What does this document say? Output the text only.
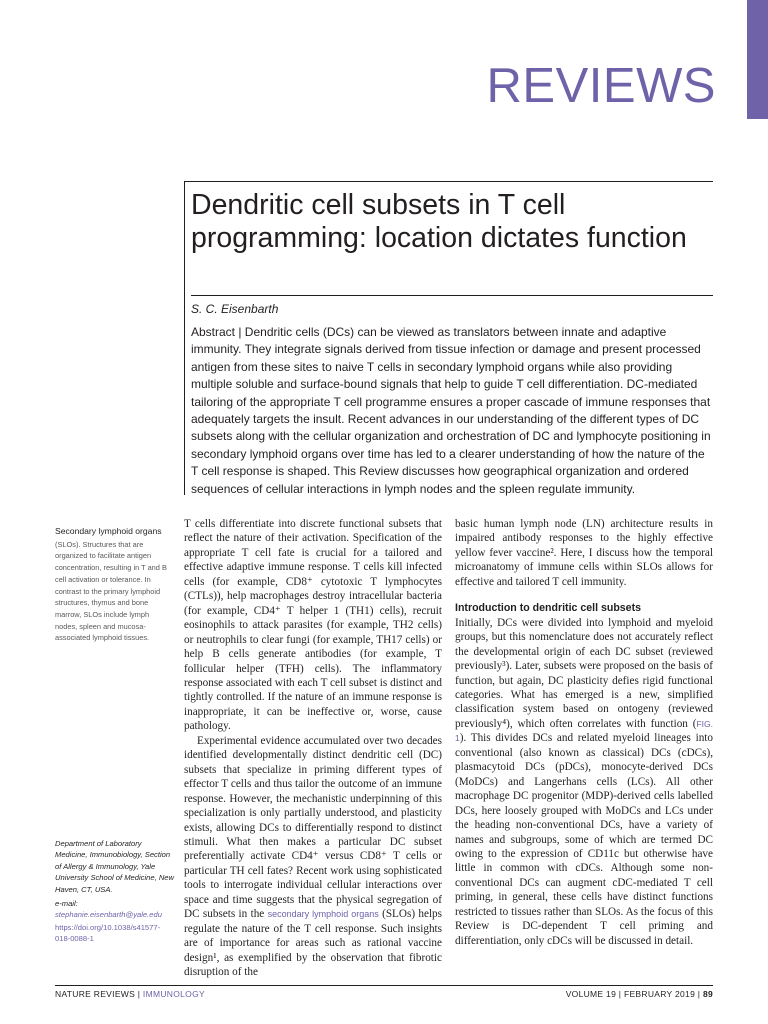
REVIEWS
Dendritic cell subsets in T cell programming: location dictates function
S. C. Eisenbarth

Abstract | Dendritic cells (DCs) can be viewed as translators between innate and adaptive immunity. They integrate signals derived from tissue infection or damage and present processed antigen from these sites to naive T cells in secondary lymphoid organs while also providing multiple soluble and surface-bound signals that help to guide T cell differentiation. DC-mediated tailoring of the appropriate T cell programme ensures a proper cascade of immune responses that adequately targets the insult. Recent advances in our understanding of the different types of DC subsets along with the cellular organization and orchestration of DC and lymphocyte positioning in secondary lymphoid organs over time has led to a clearer understanding of how the nature of the T cell response is shaped. This Review discusses how geographical organization and ordered sequences of cellular interactions in lymph nodes and the spleen regulate immunity.

Secondary lymphoid organs
(SLOs). Structures that are organized to facilitate antigen concentration, resulting in T and B cell activation or tolerance. In contrast to the primary lymphoid structures, thymus and bone marrow, SLOs include lymph nodes, spleen and mucosa-associated lymphoid tissues.
Department of Laboratory Medicine, Immunobiology, Section of Allergy & Immunology, Yale University School of Medicine, New Haven, CT, USA.
e-mail: stephanie.eisenbarth@yale.edu
https://doi.org/10.1038/s41577-018-0088-1

T cells differentiate into discrete functional subsets that reflect the nature of their activation. Specification of the appropriate T cell fate is crucial for a tailored and effective adaptive immune response. T cells kill infected cells (for example, CD8⁺ cytotoxic T lymphocytes (CTLs)), help macrophages destroy intracellular bacteria (for example, CD4⁺ T helper 1 (TH1) cells), recruit eosinophils to attack parasites (for example, TH2 cells) or neutrophils to clear fungi (for example, TH17 cells) or help B cells generate antibodies (for example, T follicular helper (TFH) cells). The inflammatory response associated with each T cell subset is distinct and tightly controlled. If the nature of an immune response is inappropriate, it can be ineffective or, worse, cause pathology.

Experimental evidence accumulated over two decades identified developmentally distinct dendritic cell (DC) subsets that specialize in priming different types of effector T cells and thus tailor the outcome of an immune response. However, the mechanistic underpinning of this specialization is only partially understood, and plasticity exists, allowing DCs to differentially respond to distinct stimuli. What then makes a particular DC subset preferentially activate CD4⁺ versus CD8⁺ T cells or particular TH cell fates? Recent work using sophisticated tools to interrogate individual cellular interactions over space and time suggests that the physical segregation of DC subsets in the secondary lymphoid organs (SLOs) helps regulate the nature of the T cell response. Such insights are of importance for areas such as rational vaccine design¹, as exemplified by the observation that fibrotic disruption of the

basic human lymph node (LN) architecture results in impaired antibody responses to the highly effective yellow fever vaccine². Here, I discuss how the temporal microanatomy of immune cells within SLOs allows for effective and tailored T cell immunity.

Introduction to dendritic cell subsets

Initially, DCs were divided into lymphoid and myeloid groups, but this nomenclature does not accurately reflect the developmental origin of each DC subset (reviewed previously³). Later, subsets were proposed on the basis of function, but again, DC plasticity defies rigid functional categories. What has emerged is a new, simplified classification system based on ontogeny (reviewed previously⁴), which often correlates with function (FIG. 1). This divides DCs and related myeloid lineages into conventional (also known as classical) DCs (cDCs), plasmacytoid DCs (pDCs), monocyte-derived DCs (MoDCs) and Langerhans cells (LCs). All other macrophage DC progenitor (MDP)-derived cells labelled DCs, here loosely grouped with MoDCs and LCs under the heading non-conventional DCs, have a variety of names and subgroups, some of which are termed DC owing to the expression of CD11c but otherwise have little in common with cDCs. Although some non-conventional DCs can augment cDC-mediated T cell priming, in general, these cells have distinct functions restricted to tissues rather than SLOs. As the focus of this Review is DC-dependent T cell priming and differentiation, only cDCs will be discussed in detail.

NATURE REVIEWS | IMMUNOLOGY	VOLUME 19 | FEBRUARY 2019 | 89
